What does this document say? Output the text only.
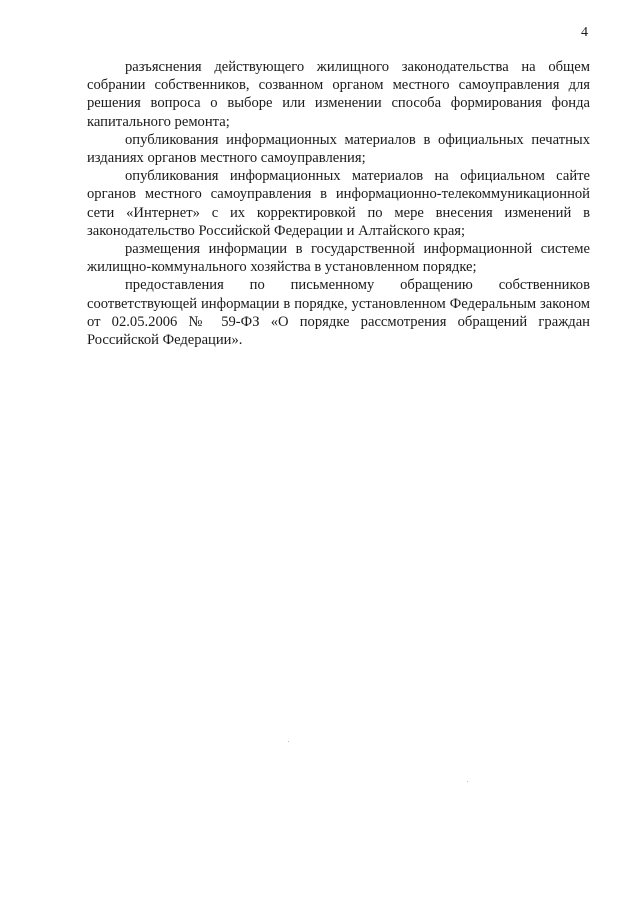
4

разъяснения действующего жилищного законодательства на общем собрании собственников, созванном органом местного самоуправления для решения вопроса о выборе или изменении способа формирования фонда капитального ремонта;

опубликования информационных материалов в официальных печатных изданиях органов местного самоуправления;

опубликования информационных материалов на официальном сайте органов местного самоуправления в информационно-телекоммуникационной сети «Интернет» с их корректировкой по мере внесения изменений в законодательство Российской Федерации и Алтайского края;

размещения информации в государственной информационной системе жилищно-коммунального хозяйства в установленном порядке;

предоставления по письменному обращению собственников соответствующей информации в порядке, установленном Федеральным законом от 02.05.2006 № 59-ФЗ «О порядке рассмотрения обращений граждан Российской Федерации».
